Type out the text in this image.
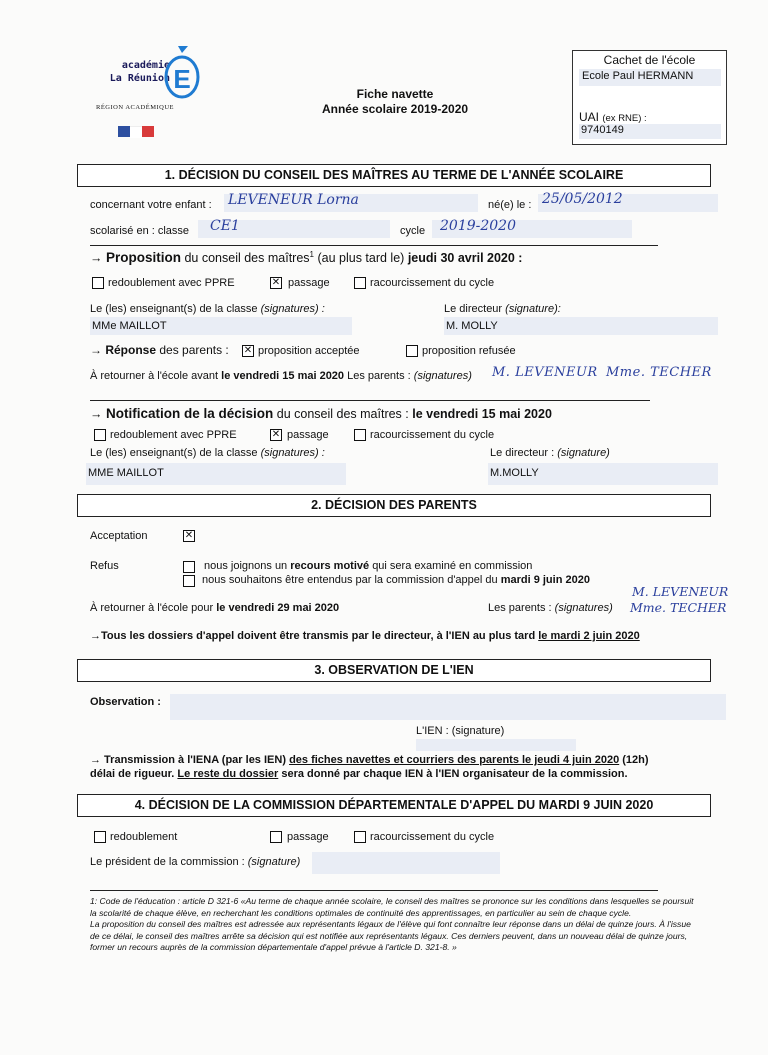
académie
La Réunion E
RÉGION ACADÉMIQUE
Fiche navette
Année scolaire 2019-2020
Cachet de l'école
Ecole Paul HERMANN
UAI (ex RNE) :
9740149
1. DÉCISION DU CONSEIL DES MAÎTRES AU TERME DE L'ANNÉE SCOLAIRE
concernant votre enfant : LEVENEUR Lorna	né(e) le : 25/05/2012
scolarisé en : classe CE1	cycle 2019-2020
→ Proposition du conseil des maîtres$^1$ (au plus tard le) jeudi 30 avril 2020 :
redoublement avec PPRE ✕	passage	racourcissement du cycle
Le (les) enseignant(s) de la classe (signatures) :	Le directeur (signature):
MMe MAILLOT	M. MOLLY
→ Réponse des parents : ✕	proposition acceptée	proposition refusée
À retourner à l'école avant le vendredi 15 mai 2020 Les parents : (signatures) M. LEVENEUR Mme. TECHER
→ Notification de la décision du conseil des maîtres : le vendredi 15 mai 2020
redoublement avec PPRE ✕	passage	racourcissement du cycle
Le (les) enseignant(s) de la classe (signatures) :	Le directeur : (signature)
MME MAILLOT	M.MOLLY
2. DÉCISION DES PARENTS
Acceptation
✕
Refus	nous joignons un recours motivé qui sera examiné en commission
nous souhaitons être entendus par la commission d'appel du mardi 9 juin 2020
À retourner à l'école pour le vendredi 29 mai 2020	Les parents : (signatures)
M. LEVENEUR
Mme. TECHER
→Tous les dossiers d'appel doivent être transmis par le directeur, à l'IEN au plus tard le mardi 2 juin 2020
3. OBSERVATION DE L'IEN
Observation :
L'IEN : (signature)
→ Transmission à l'IENA (par les IEN) des fiches navettes et courriers des parents le jeudi 4 juin 2020 (12h)
délai de rigueur. Le reste du dossier sera donné par chaque IEN à l'IEN organisateur de la commission.
4. DÉCISION DE LA COMMISSION DÉPARTEMENTALE D'APPEL DU MARDI 9 JUIN 2020
redoublement	passage	racourcissement du cycle
Le président de la commission : (signature)
1: Code de l'éducation : article D 321-6 «Au terme de chaque année scolaire, le conseil des maîtres se prononce sur les conditions dans lesquelles se poursuit la scolarité de chaque élève, en recherchant les conditions optimales de continuité des apprentissages, en particulier au sein de chaque cycle.
La proposition du conseil des maîtres est adressée aux représentants légaux de l'élève qui font connaître leur réponse dans un délai de quinze jours. À l'issue de ce délai, le conseil des maîtres arrête sa décision qui est notifiée aux représentants légaux. Ces derniers peuvent, dans un nouveau délai de quinze jours, former un recours auprès de la commission départementale d'appel prévue à l'article D. 321-8. »
